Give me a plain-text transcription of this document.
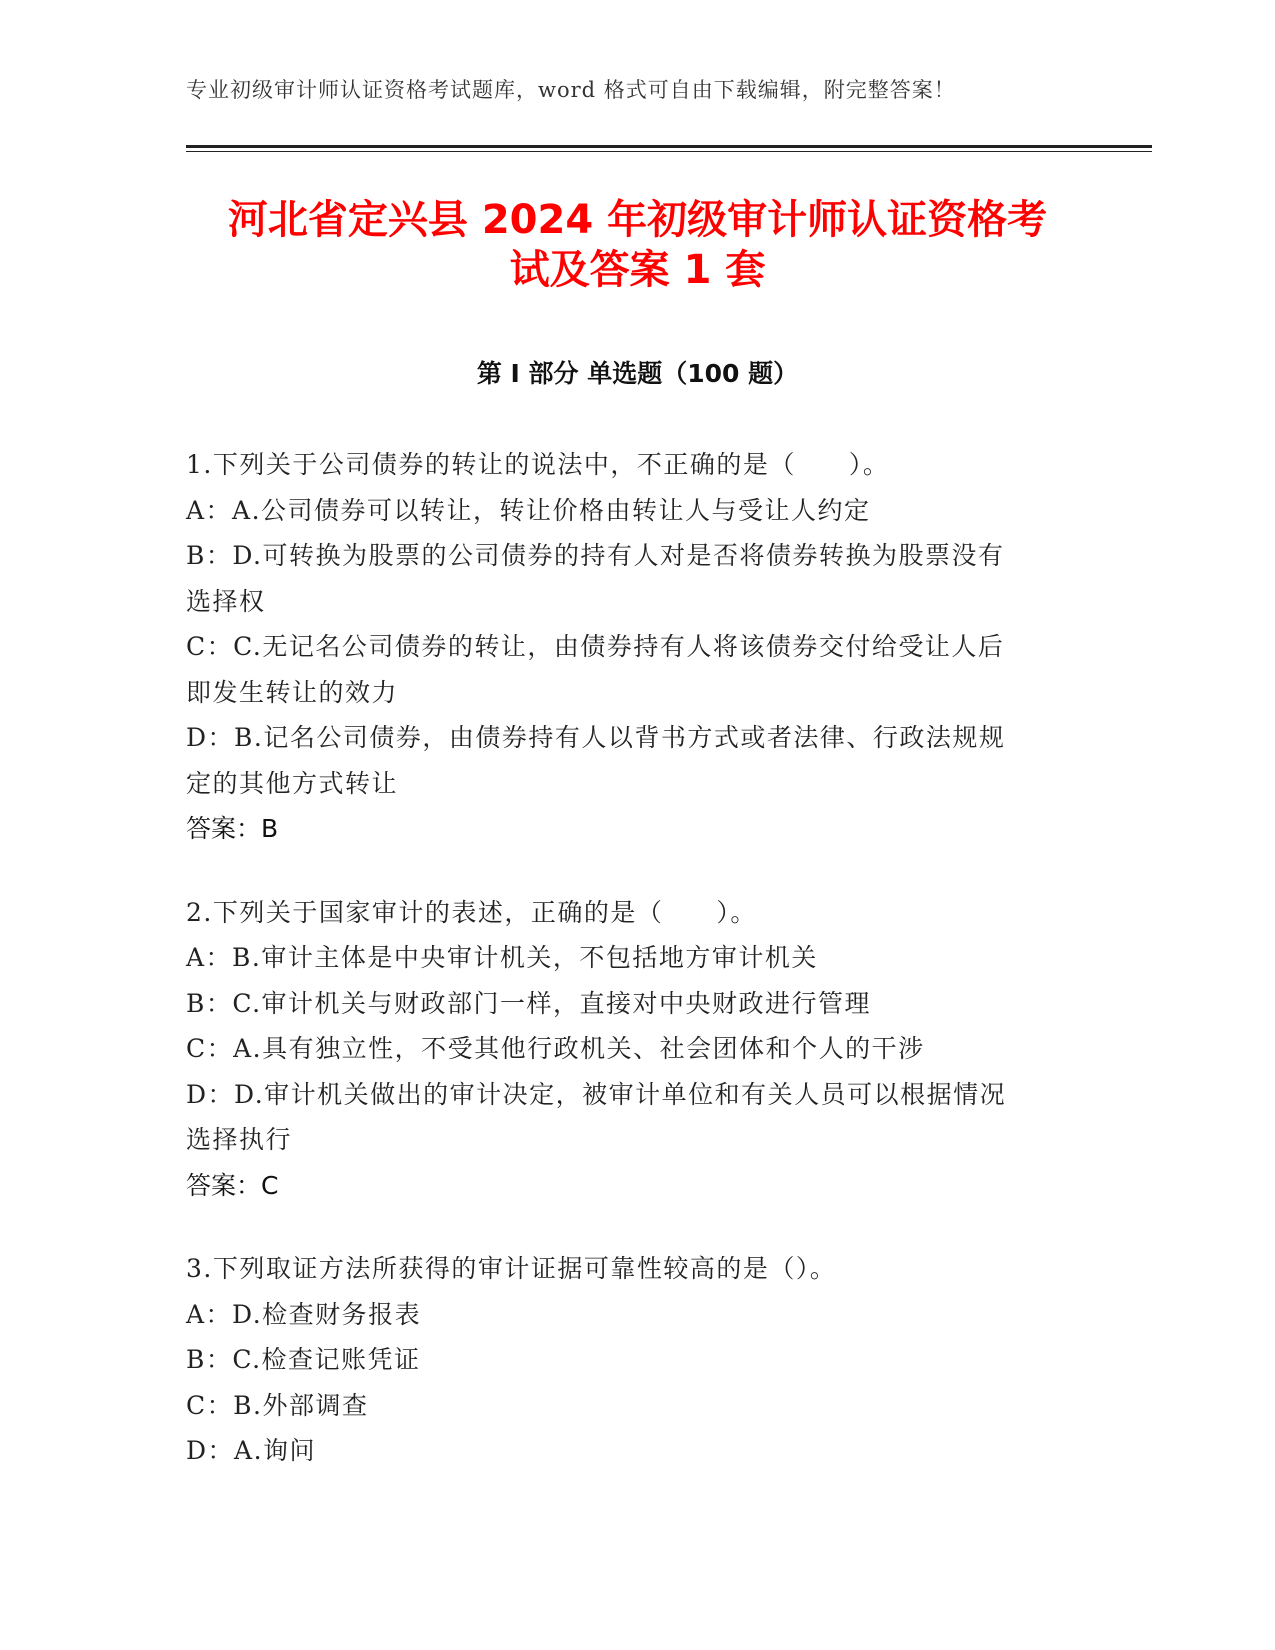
专业初级审计师认证资格考试题库，word 格式可自由下载编辑，附完整答案！
河北省定兴县 2024 年初级审计师认证资格考
试及答案 1 套
第 I 部分 单选题（100 题）
1.下列关于公司债券的转让的说法中，不正确的是（　　）。
A：A.公司债券可以转让，转让价格由转让人与受让人约定
B：D.可转换为股票的公司债券的持有人对是否将债券转换为股票没有
选择权
C：C.无记名公司债券的转让，由债券持有人将该债券交付给受让人后
即发生转让的效力
D：B.记名公司债券，由债券持有人以背书方式或者法律、行政法规规
定的其他方式转让
答案：B
2.下列关于国家审计的表述，正确的是（　　）。
A：B.审计主体是中央审计机关，不包括地方审计机关
B：C.审计机关与财政部门一样，直接对中央财政进行管理
C：A.具有独立性，不受其他行政机关、社会团体和个人的干涉
D：D.审计机关做出的审计决定，被审计单位和有关人员可以根据情况
选择执行
答案：C
3.下列取证方法所获得的审计证据可靠性较高的是（）。
A：D.检查财务报表
B：C.检查记账凭证
C：B.外部调查
D：A.询问
